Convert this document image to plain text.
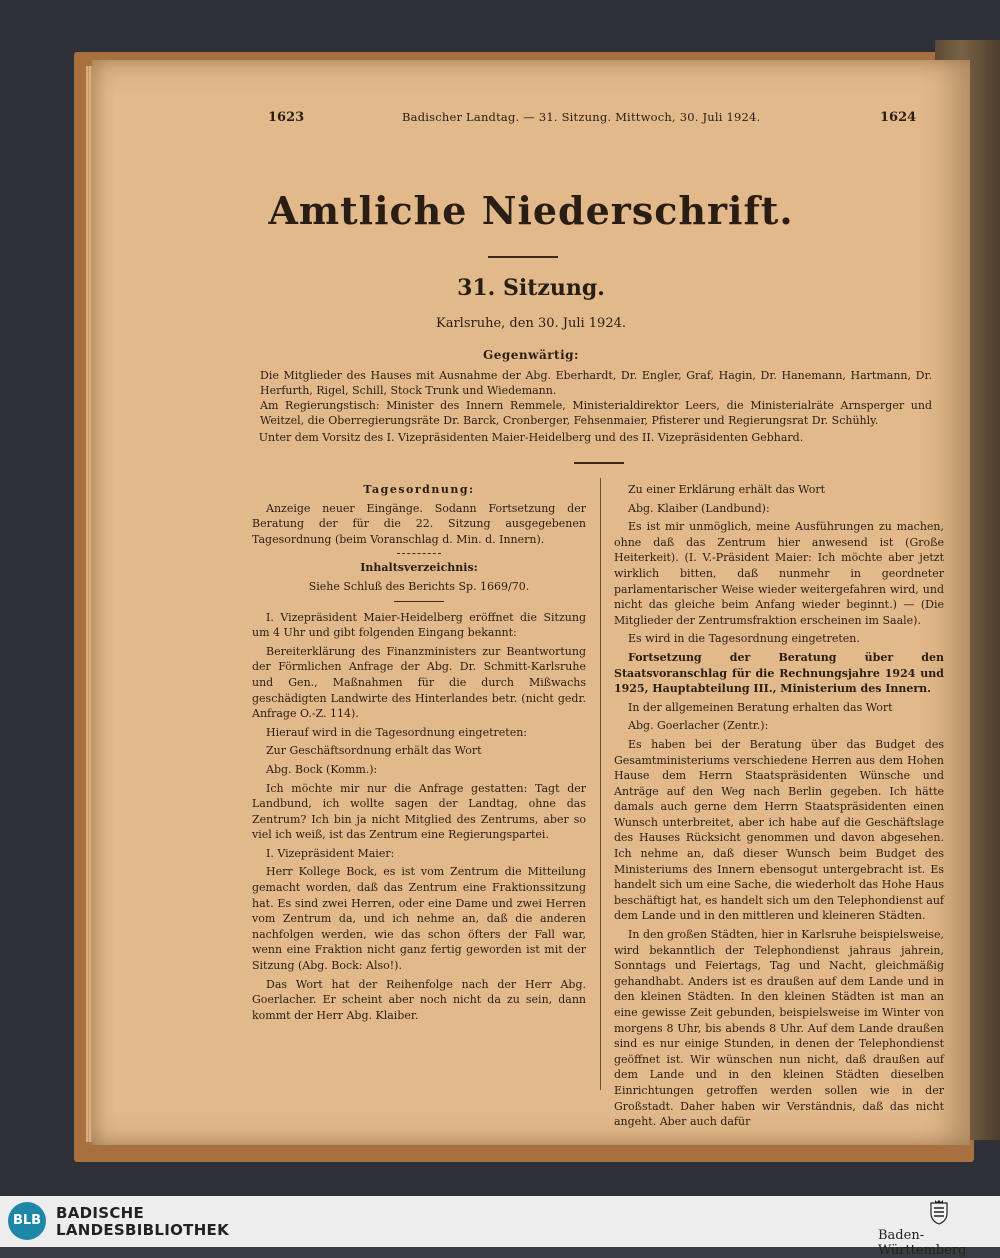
1623	Badischer Landtag. — 31. Sitzung. Mittwoch, 30. Juli 1924.	1624
Amtliche Niederschrift.
31. Sitzung.
Karlsruhe, den 30. Juli 1924.
Gegenwärtig:
Die Mitglieder des Hauses mit Ausnahme der Abg. Eberhardt, Dr. Engler, Graf, Hagin, Dr. Hanemann, Hartmann, Dr. Herfurth, Rigel, Schill, Stock Trunk und Wiedemann.
Am Regierungstisch: Minister des Innern Remmele, Ministerialdirektor Leers, die Ministerialräte Arnsperger und Weitzel, die Oberregierungsräte Dr. Barck, Cronberger, Fehsenmaier, Pfisterer und Regierungsrat Dr. Schühly.
Unter dem Vorsitz des I. Vizepräsidenten Maier-Heidelberg und des II. Vizepräsidenten Gebhard.

Tagesordnung:

Anzeige neuer Eingänge. Sodann Fortsetzung der Beratung der für die 22. Sitzung ausgegebenen Tagesordnung (beim Voranschlag d. Min. d. Innern).

Inhaltsverzeichnis:

Siehe Schluß des Berichts Sp. 1669/70.

I. Vizepräsident Maier-Heidelberg eröffnet die Sitzung um 4 Uhr und gibt folgenden Eingang bekannt:

Bereiterklärung des Finanzministers zur Beantwortung der Förmlichen Anfrage der Abg. Dr. Schmitt-Karlsruhe und Gen., Maßnahmen für die durch Mißwachs geschädigten Landwirte des Hinterlandes betr. (nicht gedr. Anfrage O.-Z. 114).

Hierauf wird in die Tagesordnung eingetreten:

Zur Geschäftsordnung erhält das Wort

Abg. Bock (Komm.):

Ich möchte mir nur die Anfrage gestatten: Tagt der Landbund, ich wollte sagen der Landtag, ohne das Zentrum? Ich bin ja nicht Mitglied des Zentrums, aber so viel ich weiß, ist das Zentrum eine Regierungspartei.

I. Vizepräsident Maier:

Herr Kollege Bock, es ist vom Zentrum die Mitteilung gemacht worden, daß das Zentrum eine Fraktionssitzung hat. Es sind zwei Herren, oder eine Dame und zwei Herren vom Zentrum da, und ich nehme an, daß die anderen nachfolgen werden, wie das schon öfters der Fall war, wenn eine Fraktion nicht ganz fertig geworden ist mit der Sitzung (Abg. Bock: Also!).

Das Wort hat der Reihenfolge nach der Herr Abg. Goerlacher. Er scheint aber noch nicht da zu sein, dann kommt der Herr Abg. Klaiber.

Zu einer Erklärung erhält das Wort

Abg. Klaiber (Landbund):

Es ist mir unmöglich, meine Ausführungen zu machen, ohne daß das Zentrum hier anwesend ist (Große Heiterkeit). (I. V.-Präsident Maier: Ich möchte aber jetzt wirklich bitten, daß nunmehr in geordneter parlamentarischer Weise wieder weitergefahren wird, und nicht das gleiche beim Anfang wieder beginnt.) — (Die Mitglieder der Zentrumsfraktion erscheinen im Saale).

Es wird in die Tagesordnung eingetreten.

Fortsetzung der Beratung über den Staatsvoranschlag für die Rechnungsjahre 1924 und 1925, Hauptabteilung III., Ministerium des Innern.

In der allgemeinen Beratung erhalten das Wort

Abg. Goerlacher (Zentr.):

Es haben bei der Beratung über das Budget des Gesamtministeriums verschiedene Herren aus dem Hohen Hause dem Herrn Staatspräsidenten Wünsche und Anträge auf den Weg nach Berlin gegeben. Ich hätte damals auch gerne dem Herrn Staatspräsidenten einen Wunsch unterbreitet, aber ich habe auf die Geschäftslage des Hauses Rücksicht genommen und davon abgesehen. Ich nehme an, daß dieser Wunsch beim Budget des Ministeriums des Innern ebensogut untergebracht ist. Es handelt sich um eine Sache, die wiederholt das Hohe Haus beschäftigt hat, es handelt sich um den Telephondienst auf dem Lande und in den mittleren und kleineren Städten.

In den großen Städten, hier in Karlsruhe beispielsweise, wird bekanntlich der Telephondienst jahraus jahrein, Sonntags und Feiertags, Tag und Nacht, gleichmäßig gehandhabt. Anders ist es draußen auf dem Lande und in den kleinen Städten. In den kleinen Städten ist man an eine gewisse Zeit gebunden, beispielsweise im Winter von morgens 8 Uhr, bis abends 8 Uhr. Auf dem Lande draußen sind es nur einige Stunden, in denen der Telephondienst geöffnet ist. Wir wünschen nun nicht, daß draußen auf dem Lande und in den kleinen Städten dieselben Einrichtungen getroffen werden sollen wie in der Großstadt. Daher haben wir Verständnis, daß das nicht angeht. Aber auch dafür

BLB BADISCHE
LANDESBIBLIOTHEK	Baden-Württemberg
